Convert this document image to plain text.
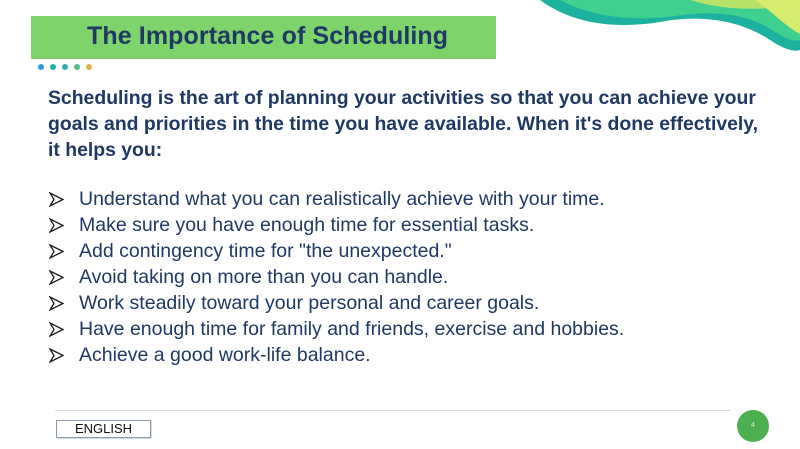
The Importance of Scheduling
Scheduling is the art of planning your activities so that you can achieve your goals and priorities in the time you have available. When it's done effectively, it helps you:
Understand what you can realistically achieve with your time.
Make sure you have enough time for essential tasks.
Add contingency time for "the unexpected."
Avoid taking on more than you can handle.
Work steadily toward your personal and career goals.
Have enough time for family and friends, exercise and hobbies.
Achieve a good work-life balance.
ENGLISH	4
